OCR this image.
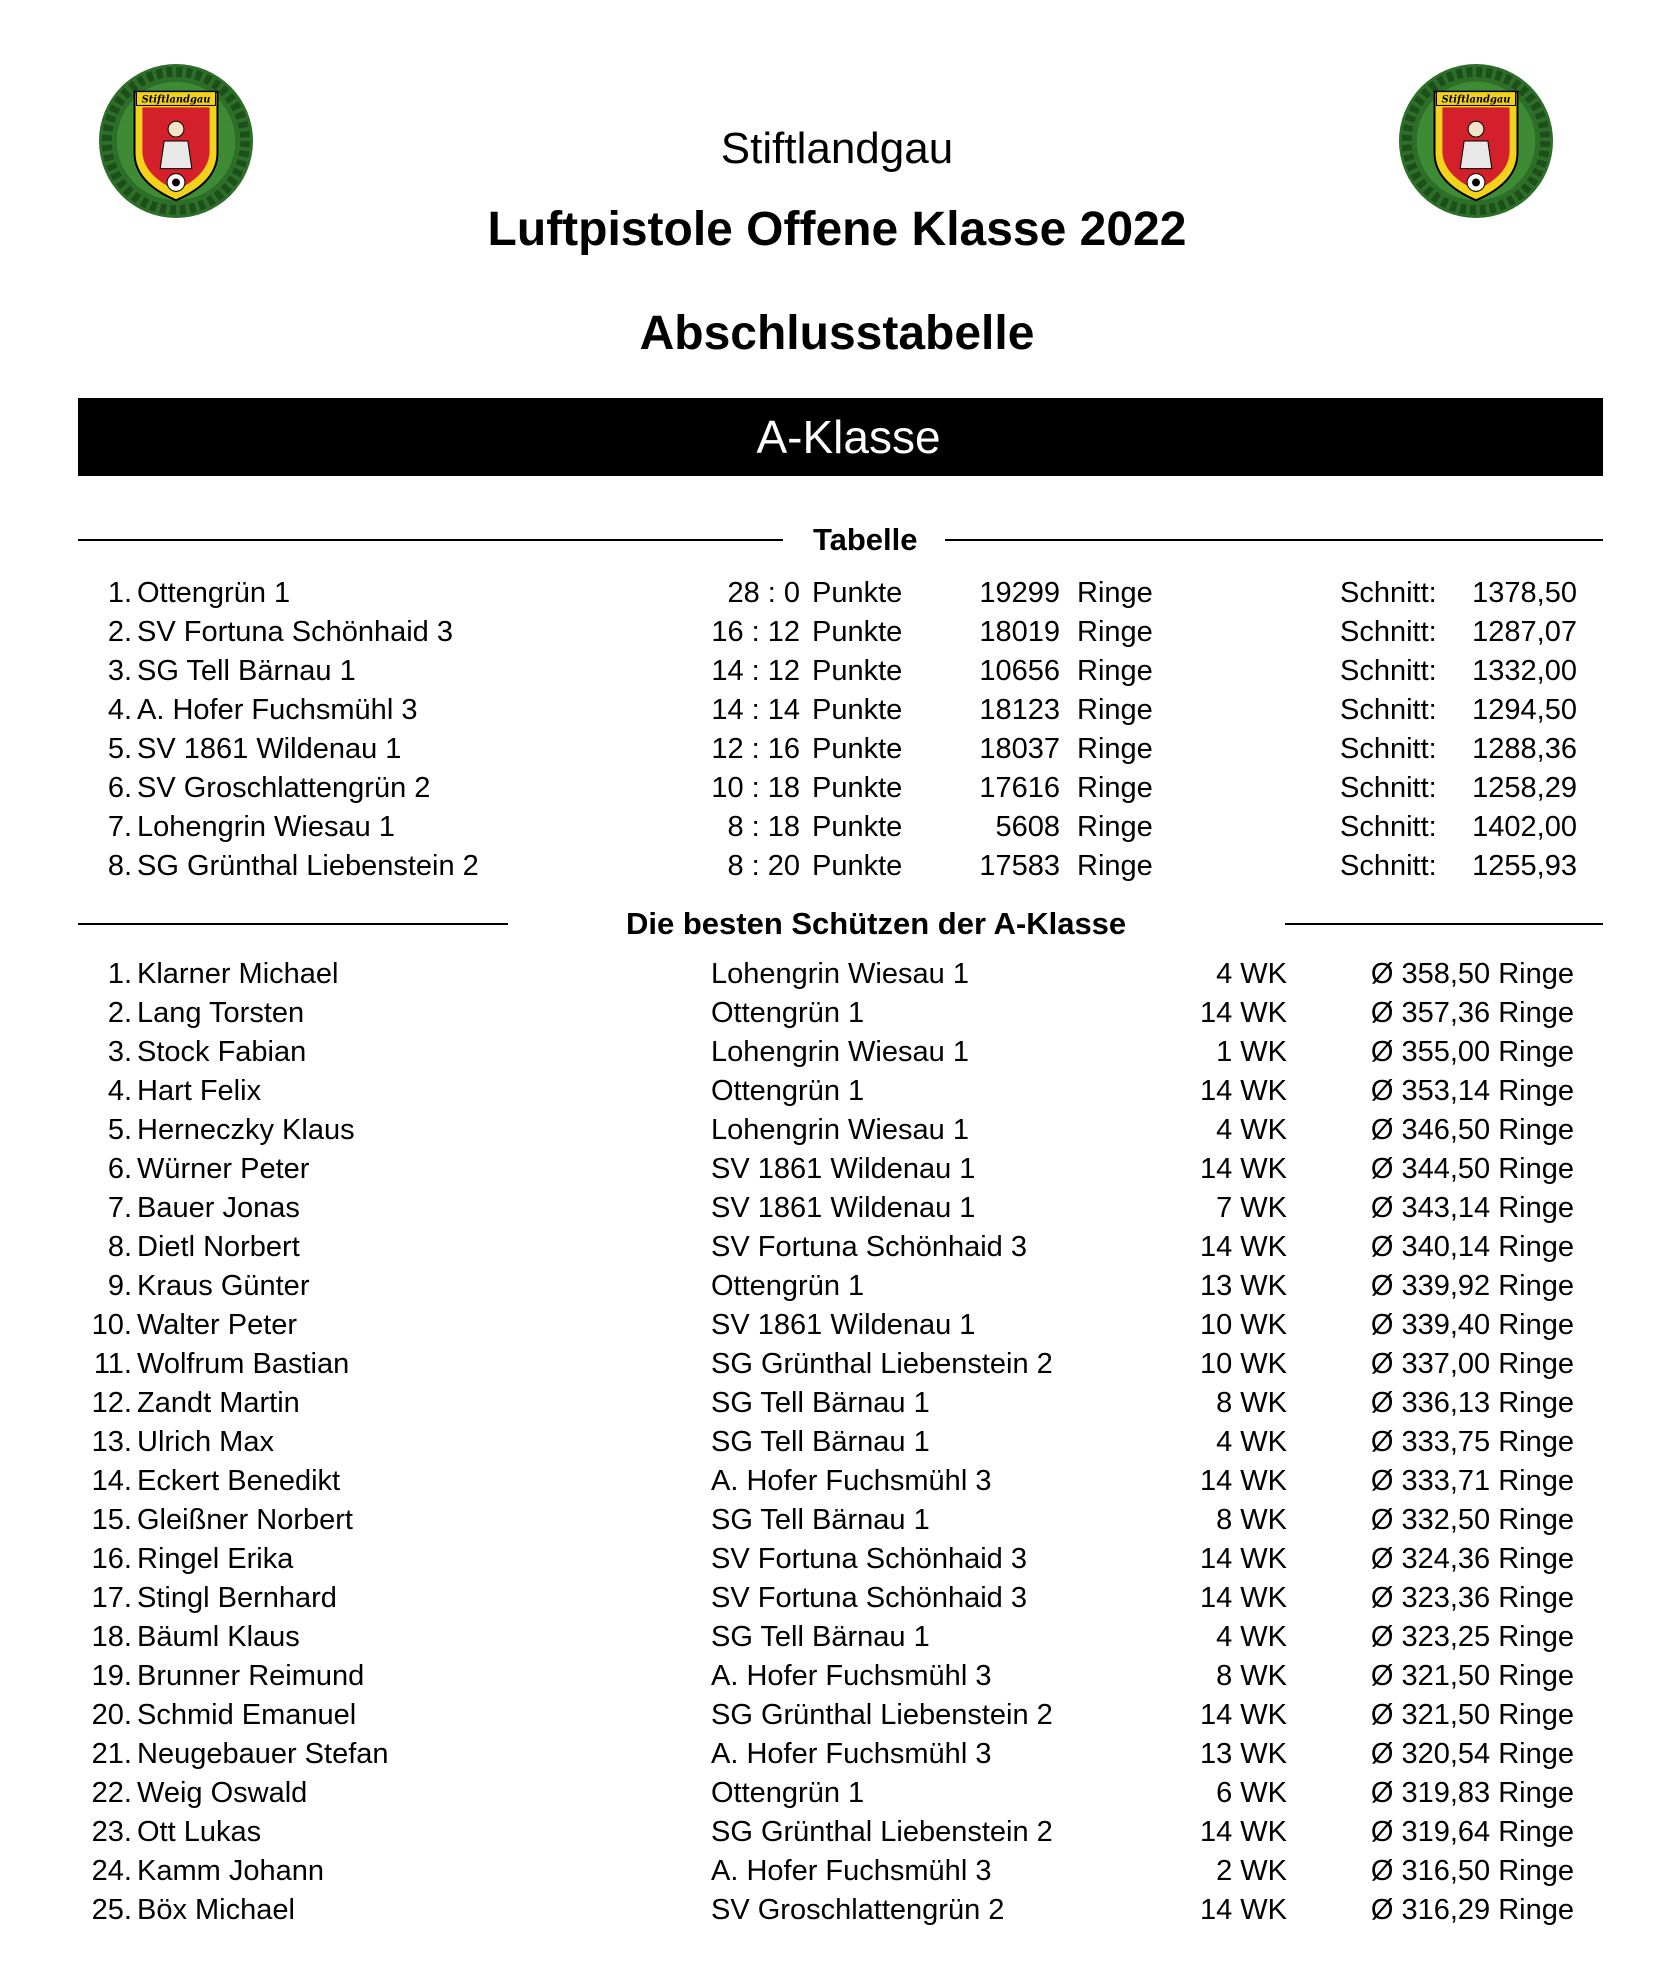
Stiftlandgau	Stiftlandgau
Stiftlandgau
Luftpistole Offene Klasse 2022
Abschlusstabelle
A-Klasse
Tabelle
1. Ottengrün 1	28 : 0 Punkte	19299 Ringe	Schnitt:	1378,50
2. SV Fortuna Schönhaid 3	16 : 12 Punkte	18019 Ringe	Schnitt:	1287,07
3. SG Tell Bärnau 1	14 : 12 Punkte	10656 Ringe	Schnitt:	1332,00
4. A. Hofer Fuchsmühl 3	14 : 14 Punkte	18123 Ringe	Schnitt:	1294,50
5. SV 1861 Wildenau 1	12 : 16 Punkte	18037 Ringe	Schnitt:	1288,36
6. SV Groschlattengrün 2	10 : 18 Punkte	17616 Ringe	Schnitt:	1258,29
7. Lohengrin Wiesau 1	8 : 18 Punkte	5608 Ringe	Schnitt:	1402,00
8. SG Grünthal Liebenstein 2	8 : 20 Punkte	17583 Ringe	Schnitt:	1255,93
Die besten Schützen der A-Klasse
1. Klarner Michael	Lohengrin Wiesau 1	4 WK	Ø 358,50 Ringe
2. Lang Torsten	Ottengrün 1	14 WK	Ø 357,36 Ringe
3. Stock Fabian	Lohengrin Wiesau 1	1 WK	Ø 355,00 Ringe
4. Hart Felix	Ottengrün 1	14 WK	Ø 353,14 Ringe
5. Herneczky Klaus	Lohengrin Wiesau 1	4 WK	Ø 346,50 Ringe
6. Würner Peter	SV 1861 Wildenau 1	14 WK	Ø 344,50 Ringe
7. Bauer Jonas	SV 1861 Wildenau 1	7 WK	Ø 343,14 Ringe
8. Dietl Norbert	SV Fortuna Schönhaid 3	14 WK	Ø 340,14 Ringe
9. Kraus Günter	Ottengrün 1	13 WK	Ø 339,92 Ringe
10. Walter Peter	SV 1861 Wildenau 1	10 WK	Ø 339,40 Ringe
11. Wolfrum Bastian	SG Grünthal Liebenstein 2	10 WK	Ø 337,00 Ringe
12. Zandt Martin	SG Tell Bärnau 1	8 WK	Ø 336,13 Ringe
13. Ulrich Max	SG Tell Bärnau 1	4 WK	Ø 333,75 Ringe
14. Eckert Benedikt	A. Hofer Fuchsmühl 3	14 WK	Ø 333,71 Ringe
15. Gleißner Norbert	SG Tell Bärnau 1	8 WK	Ø 332,50 Ringe
16. Ringel Erika	SV Fortuna Schönhaid 3	14 WK	Ø 324,36 Ringe
17. Stingl Bernhard	SV Fortuna Schönhaid 3	14 WK	Ø 323,36 Ringe
18. Bäuml Klaus	SG Tell Bärnau 1	4 WK	Ø 323,25 Ringe
19. Brunner Reimund	A. Hofer Fuchsmühl 3	8 WK	Ø 321,50 Ringe
20. Schmid Emanuel	SG Grünthal Liebenstein 2	14 WK	Ø 321,50 Ringe
21. Neugebauer Stefan	A. Hofer Fuchsmühl 3	13 WK	Ø 320,54 Ringe
22. Weig Oswald	Ottengrün 1	6 WK	Ø 319,83 Ringe
23. Ott Lukas	SG Grünthal Liebenstein 2	14 WK	Ø 319,64 Ringe
24. Kamm Johann	A. Hofer Fuchsmühl 3	2 WK	Ø 316,50 Ringe
25. Böx Michael	SV Groschlattengrün 2	14 WK	Ø 316,29 Ringe
